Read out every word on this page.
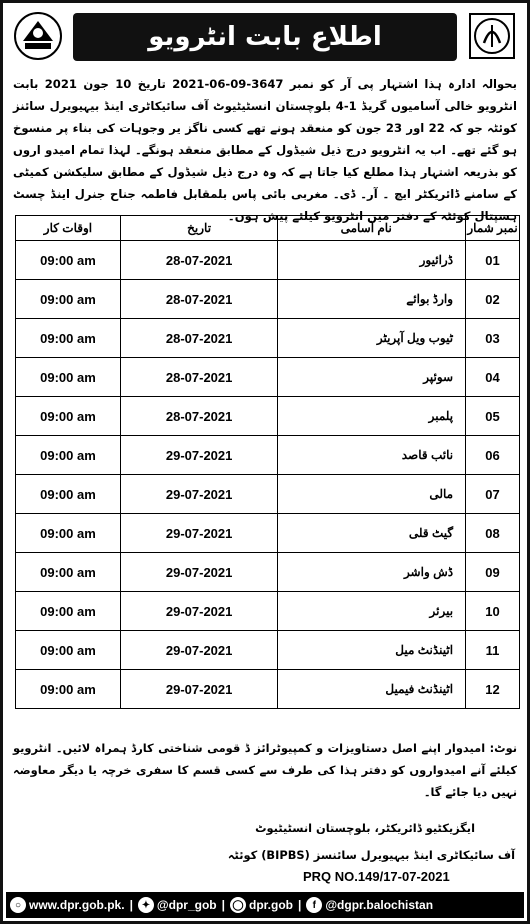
اطلاع بابت انٹرویو
بحوالہ ادارہ ہذا اشتہار پی آر کو نمبر 3647-09-06-2021 تاریخ 10 جون 2021 بابت انٹرویو خالی آسامیوں گریڈ 1-4 بلوچستان انسٹیٹیوٹ آف سائیکاٹری اینڈ بیہیویرل سائنز کوئٹہ جو کہ 22 اور 23 جون کو منعقد ہونے تھے کسی ناگز یر وجوہات کی بناء پر منسوخ ہو گئے تھے۔ اب یہ انٹرویو درج ذیل شیڈول کے مطابق منعقد ہونگے۔ لہذا تمام امیدو اروں کو بذریعہ اشتہار ہذا مطلع کیا جاتا ہے کہ وہ درج ذیل شیڈول کے مطابق سلیکشن کمیٹی کے سامنے ڈائریکٹر ایچ ۔ آر۔ ڈی۔ مغربی بائی پاس بلمقابل فاطمہ جناح جنرل اینڈ چسٹ ہسپتال کوئٹہ کے دفتر میں انٹرویو کیلئے پیش ہوں۔
اوقات کار	تاریخ	نام آسامی	نمبر شمار
09:00 am	28-07-2021	ڈرائیور	01
09:00 am	28-07-2021	وارڈ بوائے	02
09:00 am	28-07-2021	ٹیوب ویل آپریٹر	03
09:00 am	28-07-2021	سوئپر	04
09:00 am	28-07-2021	پلمبر	05
09:00 am	29-07-2021	نائب قاصد	06
09:00 am	29-07-2021	مالی	07
09:00 am	29-07-2021	گیٹ قلی	08
09:00 am	29-07-2021	ڈش واشر	09
09:00 am	29-07-2021	بیرئر	10
09:00 am	29-07-2021	اٹینڈنٹ میل	11
09:00 am	29-07-2021	اٹینڈنٹ فیمیل	12
نوٹ: امیدوار اپنے اصل دستاویزات و کمپیوٹرائز ڈ قومی شناختی کارڈ ہمراہ لائیں۔ انٹرویو کیلئے آنے امیدواروں کو دفتر ہذا کی طرف سے کسی قسم کا سفری خرچہ یا دیگر معاوضہ نہیں دیا جائے گا۔
ایگزیکٹیو ڈائریکٹر، بلوچستان انسٹیٹیوٹ
آف سائیکاٹری اینڈ بیہیویرل سائنسز (BIPBS) کوئٹہ
PRQ NO.149/17-07-2021
○ www.dpr.gob.pk. | ✦ @dpr_gob | ◯ dpr.gob |	f @dgpr.balochistan
